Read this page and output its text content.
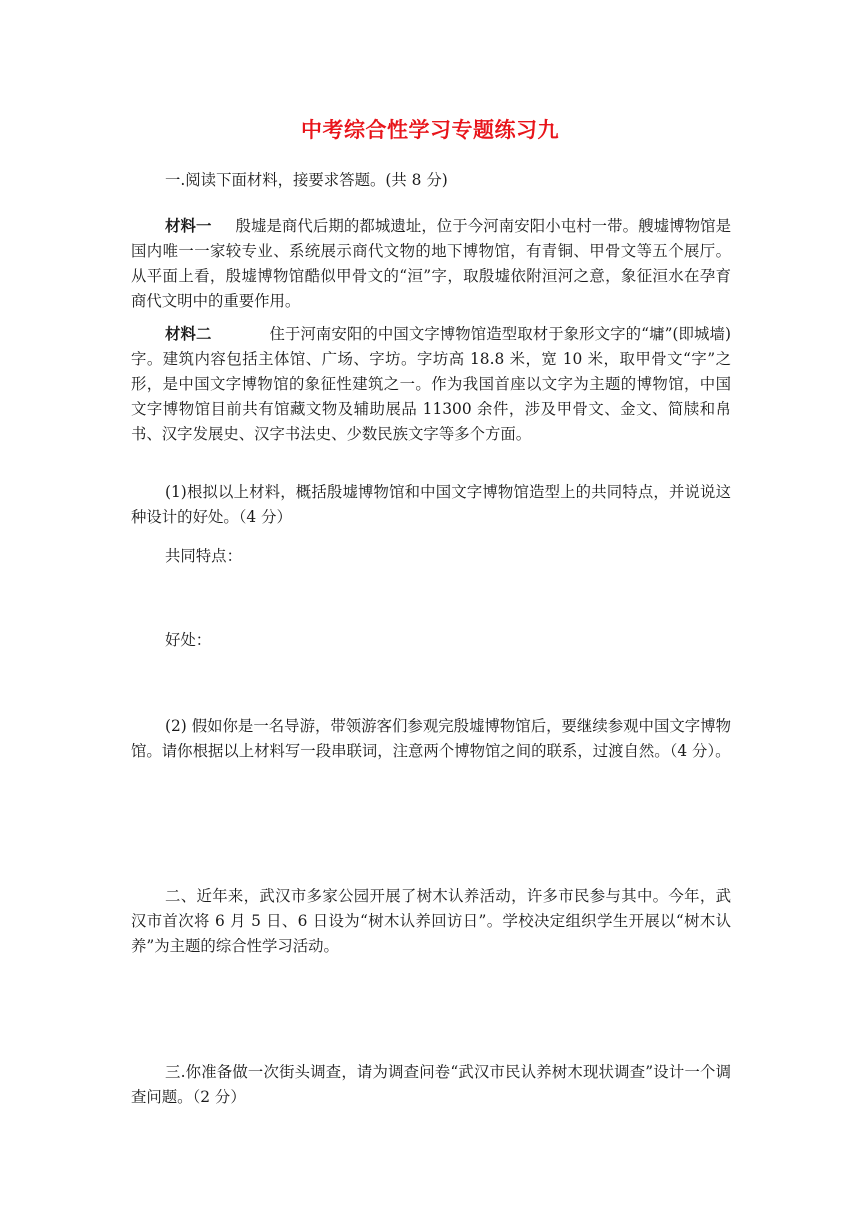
中考综合性学习专题练习九

一.阅读下面材料，接要求答题。(共 8 分)

材料一 殷墟是商代后期的都城遗址，位于今河南安阳小屯村一带。艘墟博物馆是国内唯一一家较专业、系统展示商代文物的地下博物馆，有青铜、甲骨文等五个展厅。从平面上看，殷墟博物馆酷似甲骨文的“洹”字，取殷墟依附洹河之意，象征洹水在孕育商代文明中的重要作用。

材料二	住于河南安阳的中国文字博物馆造型取材于象形文字的“墉”(即城墙)字。建筑内容包括主体馆、广场、字坊。字坊高 18.8 米，宽 10 米，取甲骨文“字”之形，是中国文字博物馆的象征性建筑之一。作为我国首座以文字为主题的博物馆，中国文字博物馆目前共有馆藏文物及辅助展品 11300 余件，涉及甲骨文、金文、简牍和帛书、汉字发展史、汉字书法史、少数民族文字等多个方面。

(1)根拟以上材料，概括殷墟博物馆和中国文字博物馆造型上的共同特点，并说说这种设计的好处。（4 分）

共同特点：

好处：

(2) 假如你是一名导游，带领游客们参观完殷墟博物馆后，要继续参观中国文字博物馆。请你根据以上材料写一段串联词，注意两个博物馆之间的联系，过渡自然。（4 分）。

二、近年来，武汉市多家公园开展了树木认养活动，许多市民参与其中。今年，武汉市首次将 6 月 5 日、6 日设为“树木认养回访日”。学校决定组织学生开展以“树木认养”为主题的综合性学习活动。

三.你准备做一次街头调查，请为调查问卷“武汉市民认养树木现状调查”设计一个调查问题。（2 分）
